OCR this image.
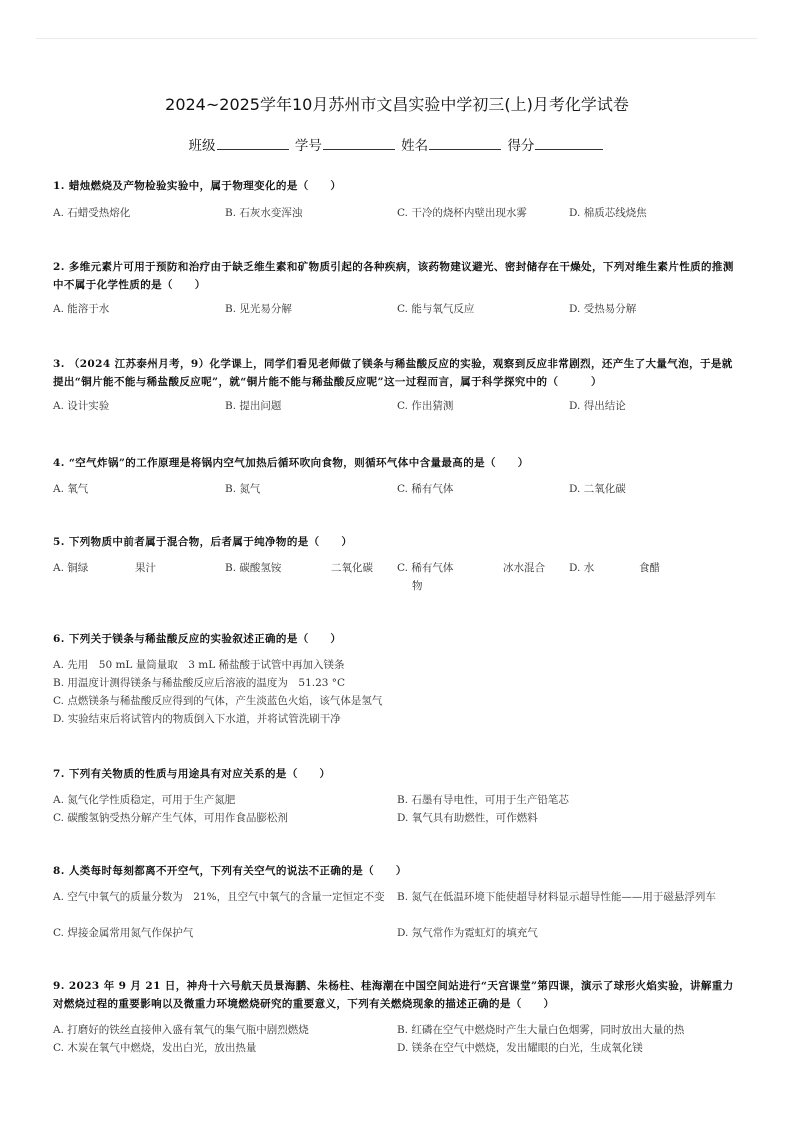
2024~2025学年10月苏州市文昌实验中学初三(上)月考化学试卷
班级	学号	姓名	得分
1. 蜡烛燃烧及产物检验实验中，属于物理变化的是（　　）
A. 石蜡受热熔化	B. 石灰水变浑浊	C. 干冷的烧杯内壁出现水雾	D. 棉质芯线烧焦
2. 多维元素片可用于预防和治疗由于缺乏维生素和矿物质引起的各种疾病，该药物建议避光、密封储存在干燥处，下列对维生素片性质的推测中不属于化学性质的是（　　）
A. 能溶于水	B. 见光易分解	C. 能与氧气反应	D. 受热易分解
3. （2024 江苏泰州月考，9）化学课上，同学们看见老师做了镁条与稀盐酸反应的实验，观察到反应非常剧烈，还产生了大量气泡，于是就提出“铜片能不能与稀盐酸反应呢”，就“铜片能不能与稀盐酸反应呢”这一过程而言，属于科学探究中的（　　　）
A. 设计实验	B. 提出问题	C. 作出猜测	D. 得出结论
4. “空气炸锅”的工作原理是将锅内空气加热后循环吹向食物，则循环气体中含量最高的是（　　）
A. 氧气	B. 氮气	C. 稀有气体	D. 二氧化碳
5. 下列物质中前者属于混合物，后者属于纯净物的是（　　）
A. 铜绿	果汁	B. 碳酸氢铵	二氧化碳 C. 稀有气体	冰水混合
物
D. 水	食醋
6. 下列关于镁条与稀盐酸反应的实验叙述正确的是（　　）
A. 先用　50 mL 量筒量取　3 mL 稀盐酸于试管中再加入镁条
B. 用温度计测得镁条与稀盐酸反应后溶液的温度为　51.23 °C
C. 点燃镁条与稀盐酸反应得到的气体，产生淡蓝色火焰，该气体是氢气
D. 实验结束后将试管内的物质倒入下水道，并将试管洗刷干净
7. 下列有关物质的性质与用途具有对应关系的是（　　）
A. 氮气化学性质稳定，可用于生产氮肥	B. 石墨有导电性，可用于生产铅笔芯
C. 碳酸氢钠受热分解产生气体，可用作食品膨松剂	D. 氧气具有助燃性，可作燃料
8. 人类每时每刻都离不开空气，下列有关空气的说法不正确的是（　　）
A. 空气中氧气的质量分数为　21%，且空气中氧气的含量一定恒定不变	B. 氮气在低温环境下能使超导材料显示超导性能——用于磁悬浮列车
C. 焊接金属常用氮气作保护气	D. 氖气常作为霓虹灯的填充气
9. 2023 年 9 月 21 日，神舟十六号航天员景海鹏、朱杨柱、桂海潮在中国空间站进行“天宫课堂”第四课，演示了球形火焰实验，讲解重力对燃烧过程的重要影响以及微重力环境燃烧研究的重要意义，下列有关燃烧现象的描述正确的是（　　）
A. 打磨好的铁丝直接伸入盛有氧气的集气瓶中剧烈燃烧	B. 红磷在空气中燃烧时产生大量白色烟雾，同时放出大量的热
C. 木炭在氧气中燃烧，发出白光，放出热量	D. 镁条在空气中燃烧，发出耀眼的白光，生成氧化镁
